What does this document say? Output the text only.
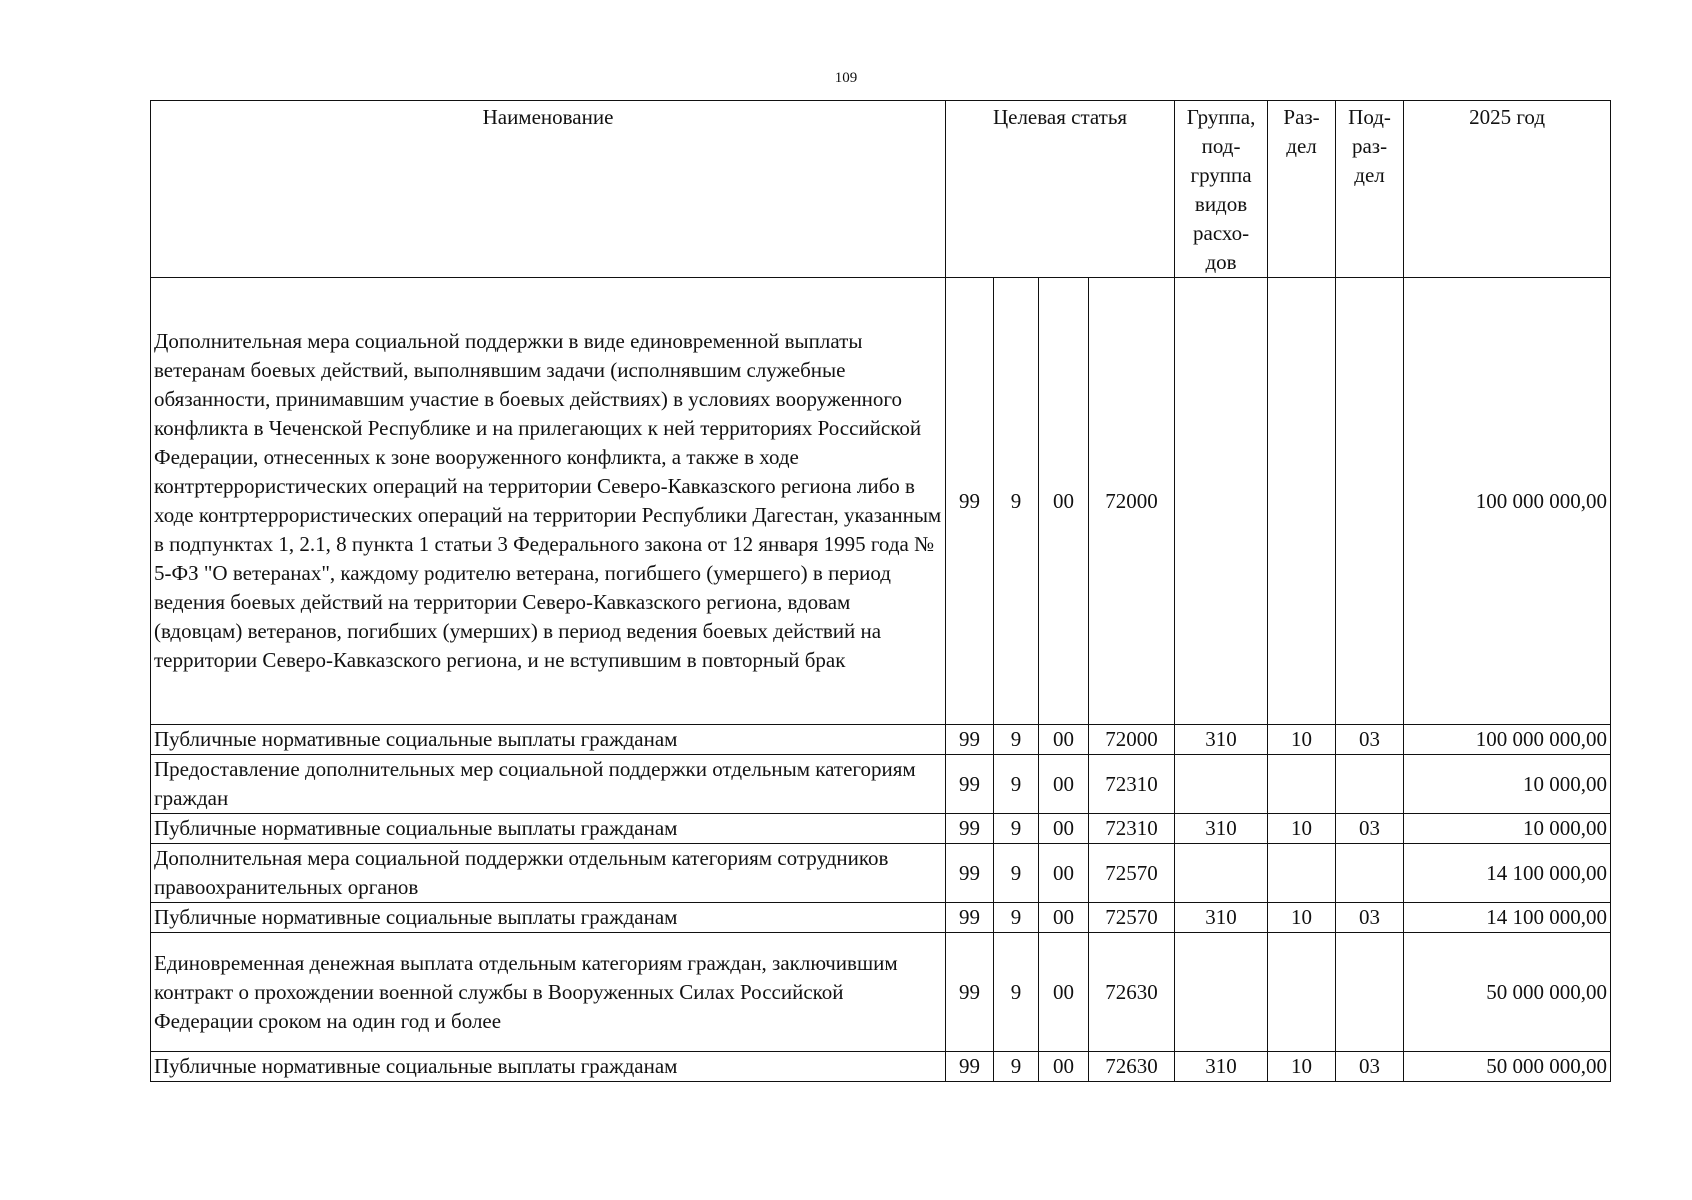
109
Наименование	Целевая статья				Группа, под-группа видов расхо-дов	Раз-дел	Под-раз-дел	2025 год
Дополнительная мера социальной поддержки в виде единовременной выплаты ветеранам боевых действий, выполнявшим задачи (исполнявшим служебные обязанности, принимавшим участие в боевых действиях) в условиях вооруженного конфликта в Чеченской Республике и на прилегающих к ней территориях Российской Федерации, отнесенных к зоне вооруженного конфликта, а также в ходе контртеррористических операций на территории Северо-Кавказского региона либо в ходе контртеррористических операций на территории Республики Дагестан, указанным в подпунктах 1, 2.1, 8 пункта 1 статьи 3 Федерального закона от 12 января 1995 года № 5-ФЗ "О ветеранах", каждому родителю ветерана, погибшего (умершего) в период ведения боевых действий на территории Северо-Кавказского региона, вдовам (вдовцам) ветеранов, погибших (умерших) в период ведения боевых действий на территории Северо-Кавказского региона, и не вступившим в повторный брак	99	9	00	72000				100 000 000,00
Публичные нормативные социальные выплаты гражданам	99	9	00	72000	310	10	03	100 000 000,00
Предоставление дополнительных мер социальной поддержки отдельным категориям граждан	99	9	00	72310				10 000,00
Публичные нормативные социальные выплаты гражданам	99	9	00	72310	310	10	03	10 000,00
Дополнительная мера социальной поддержки отдельным категориям сотрудников правоохранительных органов	99	9	00	72570				14 100 000,00
Публичные нормативные социальные выплаты гражданам	99	9	00	72570	310	10	03	14 100 000,00
Единовременная денежная выплата отдельным категориям граждан, заключившим контракт о прохождении военной службы в Вооруженных Силах Российской Федерации сроком на один год и более	99	9	00	72630				50 000 000,00
Публичные нормативные социальные выплаты гражданам	99	9	00	72630	310	10	03	50 000 000,00
